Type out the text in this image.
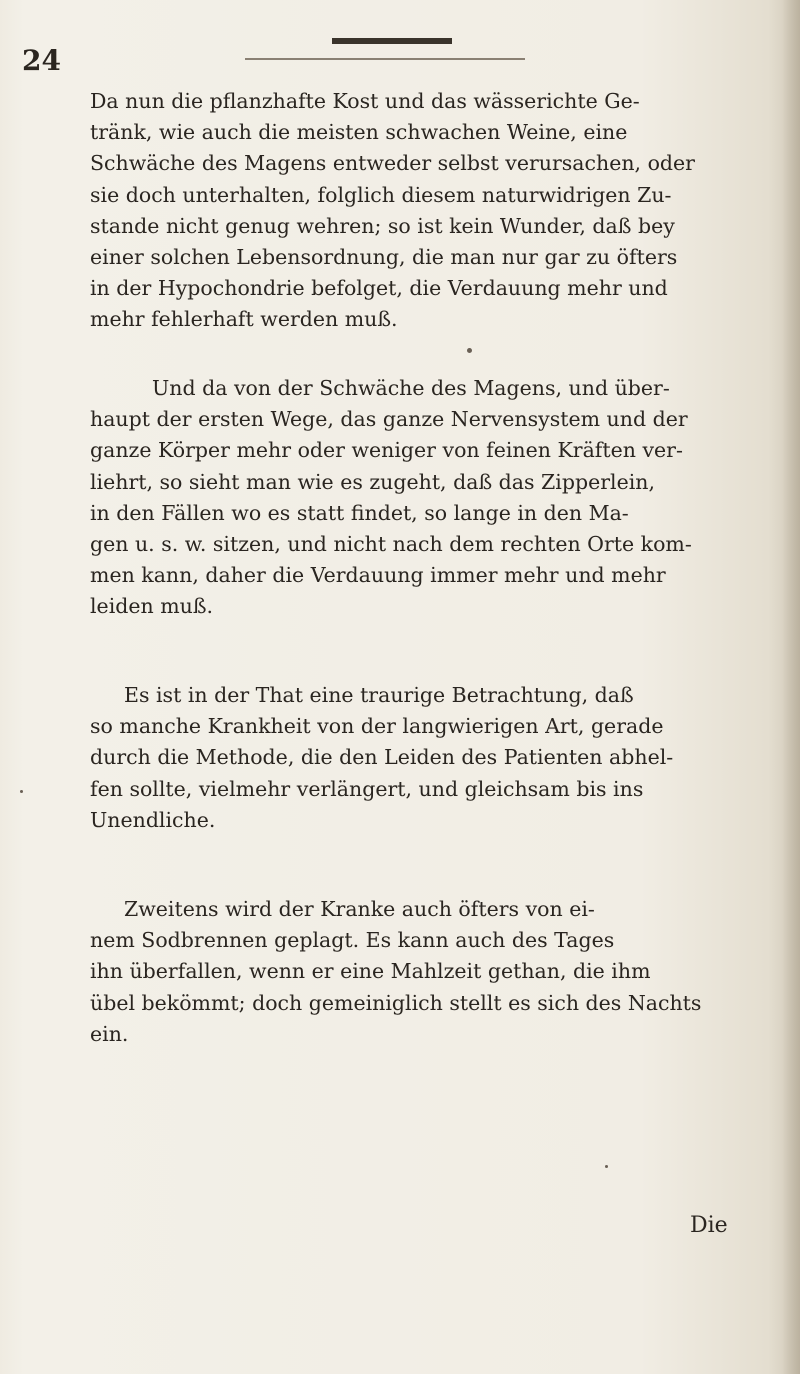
24

Da nun die pflanzhafte Kost und das wässerichte Ge-
tränk, wie auch die meisten schwachen Weine, eine
Schwäche des Magens entweder selbst verursachen, oder
sie doch unterhalten, folglich diesem naturwidrigen Zu-
stande nicht genug wehren; so ist kein Wunder, daß bey
einer solchen Lebensordnung, die man nur gar zu öfters
in der Hypochondrie befolget, die Verdauung mehr und
mehr fehlerhaft werden muß.

Und da von der Schwäche des Magens, und über-
haupt der ersten Wege, das ganze Nervensystem und der
ganze Körper mehr oder weniger von feinen Kräften ver-
liehrt, so sieht man wie es zugeht, daß das Zipperlein,
in den Fällen wo es statt findet, so lange in den Ma-
gen u. s. w. sitzen, und nicht nach dem rechten Orte kom-
men kann, daher die Verdauung immer mehr und mehr
leiden muß.

Es ist in der That eine traurige Betrachtung, daß
so manche Krankheit von der langwierigen Art, gerade
durch die Methode, die den Leiden des Patienten abhel-
fen sollte, vielmehr verlängert, und gleichsam bis ins
Unendliche.

Zweitens wird der Kranke auch öfters von ei-
nem Sodbrennen geplagt. Es kann auch des Tages
ihn überfallen, wenn er eine Mahlzeit gethan, die ihm
übel bekömmt; doch gemeiniglich stellt es sich des Nachts
ein.

Die
